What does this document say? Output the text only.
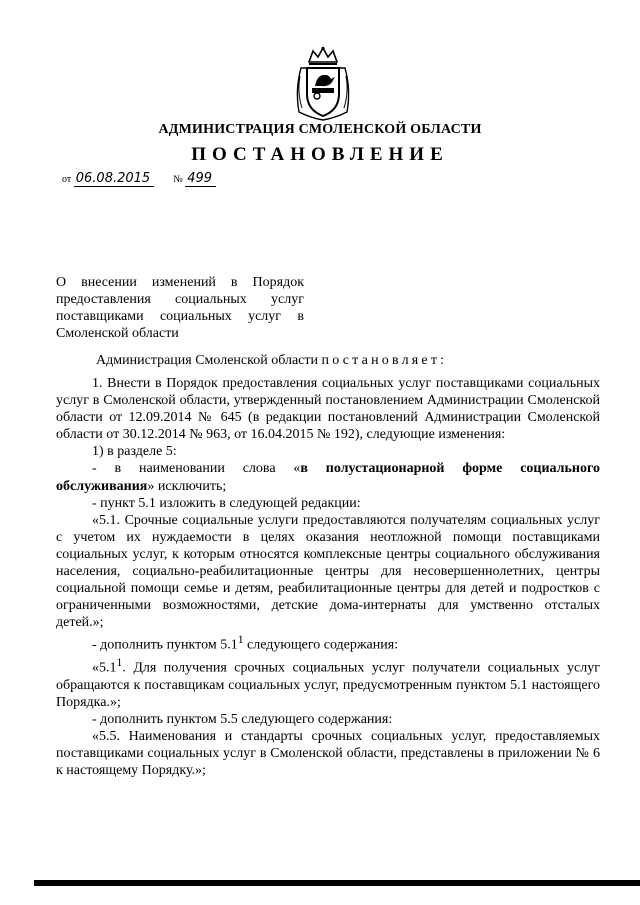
АДМИНИСТРАЦИЯ СМОЛЕНСКОЙ ОБЛАСТИ
ПОСТАНОВЛЕНИЕ
от 06.08.2015 № 499
О внесении изменений в Порядок предоставления социальных услуг поставщиками социальных услуг в Смоленской области
Администрация Смоленской области постановляет:

1. Внести в Порядок предоставления социальных услуг поставщиками социальных услуг в Смоленской области, утвержденный постановлением Администрации Смоленской области от 12.09.2014 № 645 (в редакции постановлений Администрации Смоленской области от 30.12.2014 № 963, от 16.04.2015 № 192), следующие изменения:

1) в разделе 5:

- в наименовании слова «в полустационарной форме социального обслуживания» исключить;

- пункт 5.1 изложить в следующей редакции:

«5.1. Срочные социальные услуги предоставляются получателям социальных услуг с учетом их нуждаемости в целях оказания неотложной помощи поставщиками социальных услуг, к которым относятся комплексные центры социального обслуживания населения, социально-реабилитационные центры для несовершеннолетних, центры социальной помощи семье и детям, реабилитационные центры для детей и подростков с ограниченными возможностями, детские дома-интернаты для умственно отсталых детей.»;

- дополнить пунктом $5.1^1$ следующего содержания:

«$5.1^1$. Для получения срочных социальных услуг получатели социальных услуг обращаются к поставщикам социальных услуг, предусмотренным пунктом 5.1 настоящего Порядка.»;

- дополнить пунктом 5.5 следующего содержания:

«5.5. Наименования и стандарты срочных социальных услуг, предоставляемых поставщиками социальных услуг в Смоленской области, представлены в приложении № 6 к настоящему Порядку.»;
